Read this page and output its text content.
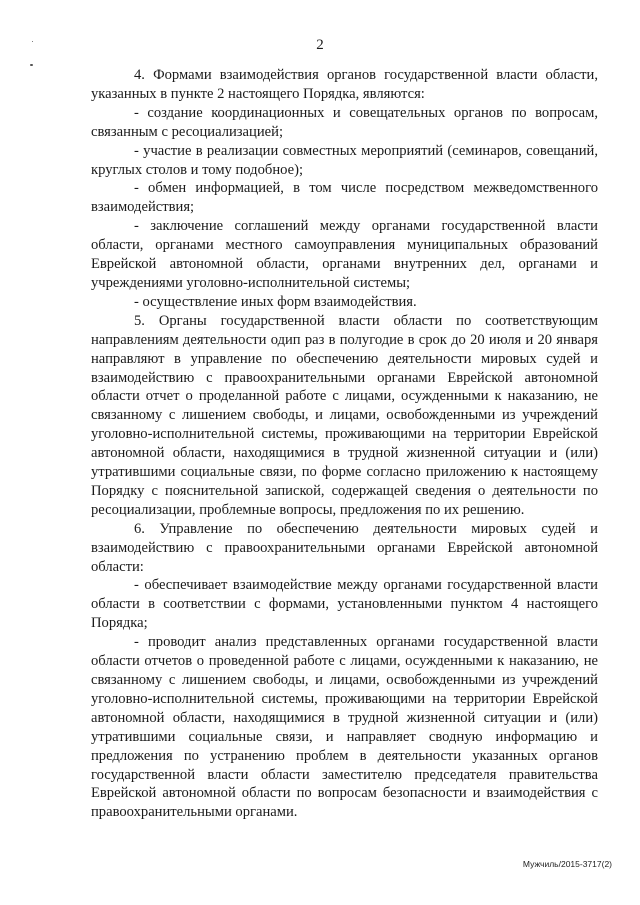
2

4. Формами взаимодействия органов государственной власти области, указанных в пункте 2 настоящего Порядка, являются:

- создание координационных и совещательных органов по вопросам, связанным с ресоциализацией;

- участие в реализации совместных мероприятий (семинаров, совещаний, круглых столов и тому подобное);

- обмен информацией, в том числе посредством межведомственного взаимодействия;

- заключение соглашений между органами государственной власти области, органами местного самоуправления муниципальных образований Еврейской автономной области, органами внутренних дел, органами и учреждениями уголовно-исполнительной системы;

- осуществление иных форм взаимодействия.

5. Органы государственной власти области по соответствующим направлениям деятельности одип раз в полугодие в срок до 20 июля и 20 января направляют в управление по обеспечению деятельности мировых судей и взаимодействию с правоохранительными органами Еврейской автономной области отчет о проделанной работе с лицами, осужденными к наказанию, не связанному с лишением свободы, и лицами, освобожденными из учреждений уголовно-исполнительной системы, проживающими на территории Еврейской автономной области, находящимися в трудной жизненной ситуации и (или) утратившими социальные связи, по форме согласно приложению к настоящему Порядку с пояснительной запиской, содержащей сведения о деятельности по ресоциализации, проблемные вопросы, предложения по их решению.

6. Управление по обеспечению деятельности мировых судей и взаимодействию с правоохранительными органами Еврейской автономной области:

- обеспечивает взаимодействие между органами государственной власти области в соответствии с формами, установленными пунктом 4 настоящего Порядка;

- проводит анализ представленных органами государственной власти области отчетов о проведенной работе с лицами, осужденными к наказанию, не связанному с лишением свободы, и лицами, освобожденными из учреждений уголовно-исполнительной системы, проживающими на территории Еврейской автономной области, находящимися в трудной жизненной ситуации и (или) утратившими социальные связи, и направляет сводную информацию и предложения по устранению проблем в деятельности указанных органов государственной власти области заместителю председателя правительства Еврейской автономной области по вопросам безопасности и взаимодействия с правоохранительными органами.

Мужчиль/2015-3717(2)
